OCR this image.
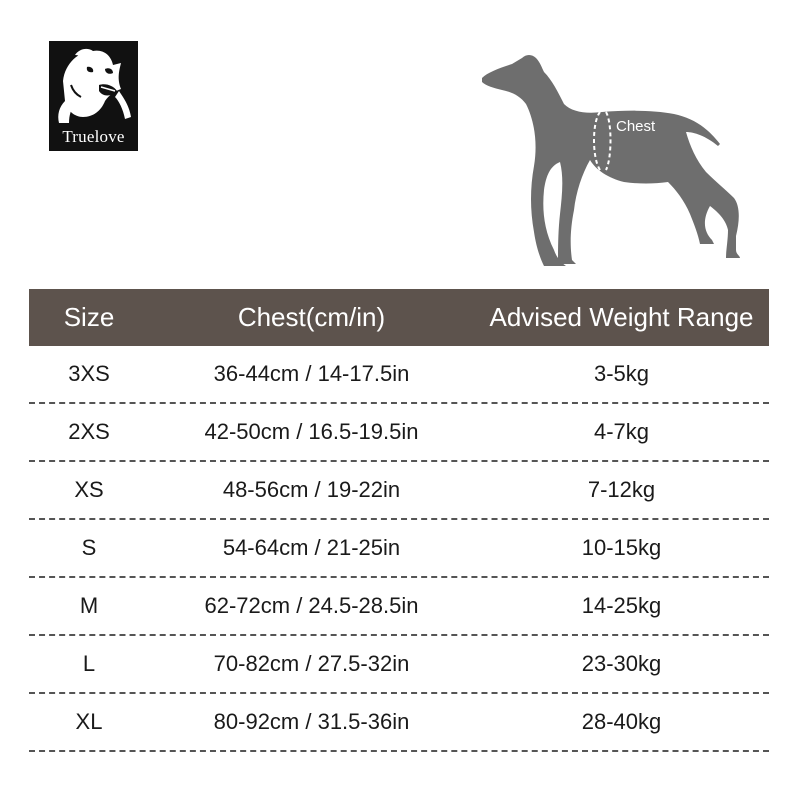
Truelove
Chest
Size	Chest(cm/in)	Advised Weight Range
3XS	36-44cm / 14-17.5in	3-5kg
2XS	42-50cm / 16.5-19.5in	4-7kg
XS	48-56cm / 19-22in	7-12kg
S	54-64cm / 21-25in	10-15kg
M	62-72cm / 24.5-28.5in	14-25kg
L	70-82cm / 27.5-32in	23-30kg
XL	80-92cm / 31.5-36in	28-40kg
